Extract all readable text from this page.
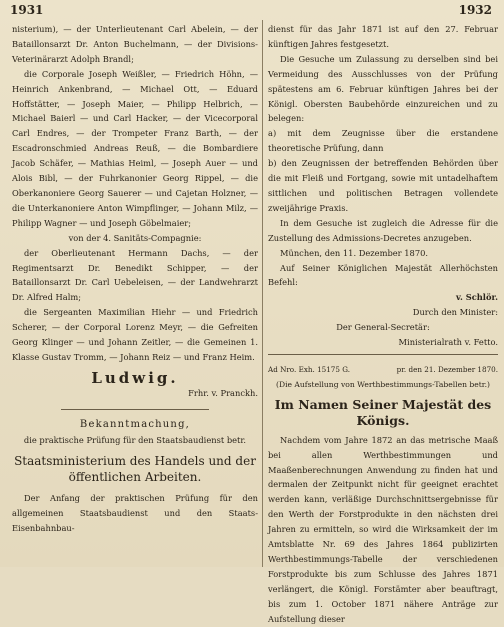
1931	1932

nisterium), — der Unterlieutenant Carl Abelein, — der Bataillonsarzt Dr. Anton Buchelmann, — der Divisions-Veterinärarzt Adolph Brandl;

die Corporale Joseph Weißler, — Friedrich Höhn, — Heinrich Ankenbrand, — Michael Ott, — Eduard Hoffstätter, — Joseph Maier, — Philipp Helbrich, — Michael Baierl — und Carl Hacker, — der Vicecorporal Carl Endres, — der Trompeter Franz Barth, — der Escadronschmied Andreas Reuß, — die Bombardiere Jacob Schäfer, — Mathias Heiml, — Joseph Auer — und Alois Bibl, — der Fuhrkanonier Georg Rippel, — die Oberkanoniere Georg Sauerer — und Cajetan Holzner, — die Unterkanoniere Anton Wimpflinger, — Johann Milz, — Philipp Wagner — und Joseph Göbelmaier;

von der 4. Sanitäts-Compagnie:

der Oberlieutenant Hermann Dachs, — der Regimentsarzt Dr. Benedikt Schipper, — der Bataillonsarzt Dr. Carl Uebeleisen, — der Landwehrarzt Dr. Alfred Halm;

die Sergeanten Maximilian Hiehr — und Friedrich Scherer, — der Corporal Lorenz Meyr, — die Gefreiten Georg Klinger — und Johann Zeitler, — die Gemeinen 1. Klasse Gustav Tromm, — Johann Reiz — und Franz Heim.

Ludwig.

Frhr. v. Pranckh.

Bekanntmachung,

die praktische Prüfung für den Staatsbaudienst betr.

Staatsministerium des Handels und der öffentlichen Arbeiten.

Der Anfang der praktischen Prüfung für den allgemeinen Staatsbaudienst und den Staats-Eisenbahnbau-

dienst für das Jahr 1871 ist auf den 27. Februar künftigen Jahres festgesetzt.

Die Gesuche um Zulassung zu derselben sind bei Vermeidung des Ausschlusses von der Prüfung spätestens am 6. Februar künftigen Jahres bei der Königl. Obersten Baubehörde einzureichen und zu belegen:

a) mit dem Zeugnisse über die erstandene theoretische Prüfung, dann

b) den Zeugnissen der betreffenden Behörden über die mit Fleiß und Fortgang, sowie mit untadelhaftem sittlichen und politischen Betragen vollendete zweijährige Praxis.

In dem Gesuche ist zugleich die Adresse für die Zustellung des Admissions-Decretes anzugeben.

München, den 11. Dezember 1870.

Auf Seiner Königlichen Majestät Allerhöchsten Befehl:

v. Schlör.

Durch den Minister:

Der General-Secretär:

Ministerialrath v. Fetto.

Ad Nro. Exh. 15175 G.	pr. den 21. Dezember 1870.

(Die Aufstellung von Werthbestimmungs-Tabellen betr.)

Im Namen Seiner Majestät des Königs.

Nachdem vom Jahre 1872 an das metrische Maaß bei allen Werthbestimmungen und Maaßenberechnungen Anwendung zu finden hat und dermalen der Zeitpunkt nicht für geeignet erachtet werden kann, verläßige Durchschnittsergebnisse für den Werth der Forstprodukte in den nächsten drei Jahren zu ermitteln, so wird die Wirksamkeit der im Amtsblatte Nr. 69 des Jahres 1864 publizirten Werthbestimmungs-Tabelle der verschiedenen Forstprodukte bis zum Schlusse des Jahres 1871 verlängert, die Königl. Forstämter aber beauftragt, bis zum 1. October 1871 nähere Anträge zur Aufstellung dieser
